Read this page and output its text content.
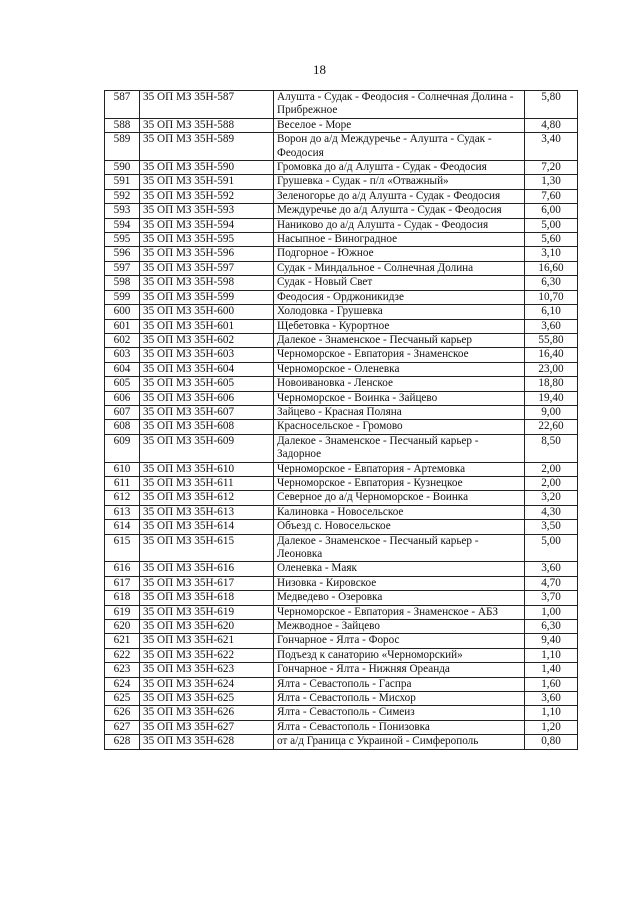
18
587	35 ОП МЗ 35Н-587	Алушта - Судак - Феодосия - Солнечная Долина - Прибрежное	5,80
588	35 ОП МЗ 35Н-588	Веселое - Море	4,80
589	35 ОП МЗ 35Н-589	Ворон до а/д Междуречье - Алушта - Судак - Феодосия	3,40
590	35 ОП МЗ 35Н-590	Громовка до а/д Алушта - Судак - Феодосия	7,20
591	35 ОП МЗ 35Н-591	Грушевка - Судак - п/л «Отважный»	1,30
592	35 ОП МЗ 35Н-592	Зеленогорье до а/д Алушта - Судак - Феодосия	7,60
593	35 ОП МЗ 35Н-593	Междуречье до а/д Алушта - Судак - Феодосия	6,00
594	35 ОП МЗ 35Н-594	Наниково до а/д Алушта - Судак - Феодосия	5,00
595	35 ОП МЗ 35Н-595	Насыпное - Виноградное	5,60
596	35 ОП МЗ 35Н-596	Подгорное - Южное	3,10
597	35 ОП МЗ 35Н-597	Судак - Миндальное - Солнечная Долина	16,60
598	35 ОП МЗ 35Н-598	Судак - Новый Свет	6,30
599	35 ОП МЗ 35Н-599	Феодосия - Орджоникидзе	10,70
600	35 ОП МЗ 35Н-600	Холодовка - Грушевка	6,10
601	35 ОП МЗ 35Н-601	Щебетовка - Курортное	3,60
602	35 ОП МЗ 35Н-602	Далекое - Знаменское - Песчаный карьер	55,80
603	35 ОП МЗ 35Н-603	Черноморское - Евпатория - Знаменское	16,40
604	35 ОП МЗ 35Н-604	Черноморское - Оленевка	23,00
605	35 ОП МЗ 35Н-605	Новоивановка - Ленское	18,80
606	35 ОП МЗ 35Н-606	Черноморское - Воинка - Зайцево	19,40
607	35 ОП МЗ 35Н-607	Зайцево - Красная Поляна	9,00
608	35 ОП МЗ 35Н-608	Красносельское - Громово	22,60
609	35 ОП МЗ 35Н-609	Далекое - Знаменское - Песчаный карьер - Задорное	8,50
610	35 ОП МЗ 35Н-610	Черноморское - Евпатория - Артемовка	2,00
611	35 ОП МЗ 35Н-611	Черноморское - Евпатория - Кузнецкое	2,00
612	35 ОП МЗ 35Н-612	Северное до а/д Черноморское - Воинка	3,20
613	35 ОП МЗ 35Н-613	Калиновка - Новосельское	4,30
614	35 ОП МЗ 35Н-614	Объезд с. Новосельское	3,50
615	35 ОП МЗ 35Н-615	Далекое - Знаменское - Песчаный карьер - Леоновка	5,00
616	35 ОП МЗ 35Н-616	Оленевка - Маяк	3,60
617	35 ОП МЗ 35Н-617	Низовка - Кировское	4,70
618	35 ОП МЗ 35Н-618	Медведево - Озеровка	3,70
619	35 ОП МЗ 35Н-619	Черноморское - Евпатория - Знаменское - АБЗ	1,00
620	35 ОП МЗ 35Н-620	Межводное - Зайцево	6,30
621	35 ОП МЗ 35Н-621	Гончарное - Ялта - Форос	9,40
622	35 ОП МЗ 35Н-622	Подъезд к санаторию «Черноморский»	1,10
623	35 ОП МЗ 35Н-623	Гончарное - Ялта - Нижняя Ореанда	1,40
624	35 ОП МЗ 35Н-624	Ялта - Севастополь - Гаспра	1,60
625	35 ОП МЗ 35Н-625	Ялта - Севастополь - Мисхор	3,60
626	35 ОП МЗ 35Н-626	Ялта - Севастополь - Симеиз	1,10
627	35 ОП МЗ 35Н-627	Ялта - Севастополь - Понизовка	1,20
628	35 ОП МЗ 35Н-628	от а/д Граница с Украиной - Симферополь	0,80
